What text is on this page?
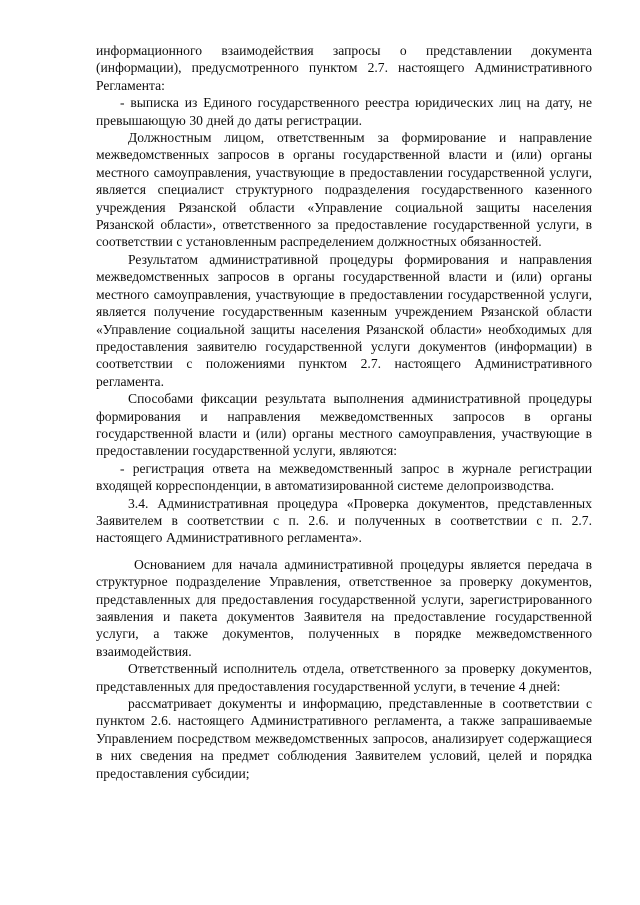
информационного взаимодействия запросы о представлении документа (информации), предусмотренного пунктом 2.7. настоящего Административного Регламента:

- выписка из Единого государственного реестра юридических лиц на дату, не превышающую 30 дней до даты регистрации.

Должностным лицом, ответственным за формирование и направление межведомственных запросов в органы государственной власти и (или) органы местного самоуправления, участвующие в предоставлении государственной услуги, является специалист структурного подразделения государственного казенного учреждения Рязанской области «Управление социальной защиты населения Рязанской области», ответственного за предоставление государственной услуги, в соответствии с установленным распределением должностных обязанностей.

Результатом административной процедуры формирования и направления межведомственных запросов в органы государственной власти и (или) органы местного самоуправления, участвующие в предоставлении государственной услуги, является получение государственным казенным учреждением Рязанской области «Управление социальной защиты населения Рязанской области» необходимых для предоставления заявителю государственной услуги документов (информации) в соответствии с положениями пунктом 2.7. настоящего Административного регламента.

Способами фиксации результата выполнения административной процедуры формирования и направления межведомственных запросов в органы государственной власти и (или) органы местного самоуправления, участвующие в предоставлении государственной услуги, являются:

- регистрация ответа на межведомственный запрос в журнале регистрации входящей корреспонденции, в автоматизированной системе делопроизводства.

3.4. Административная процедура «Проверка документов, представленных Заявителем в соответствии с п. 2.6. и полученных в соответствии с п. 2.7. настоящего Административного регламента».

Основанием для начала административной процедуры является передача в структурное подразделение Управления, ответственное за проверку документов, представленных для предоставления государственной услуги, зарегистрированного заявления и пакета документов Заявителя на предоставление государственной услуги, а также документов, полученных в порядке межведомственного взаимодействия.

Ответственный исполнитель отдела, ответственного за проверку документов, представленных для предоставления государственной услуги, в течение 4 дней:

рассматривает документы и информацию, представленные в соответствии с пунктом 2.6. настоящего Административного регламента, а также запрашиваемые Управлением посредством межведомственных запросов, анализирует содержащиеся в них сведения на предмет соблюдения Заявителем условий, целей и порядка предоставления субсидии;
